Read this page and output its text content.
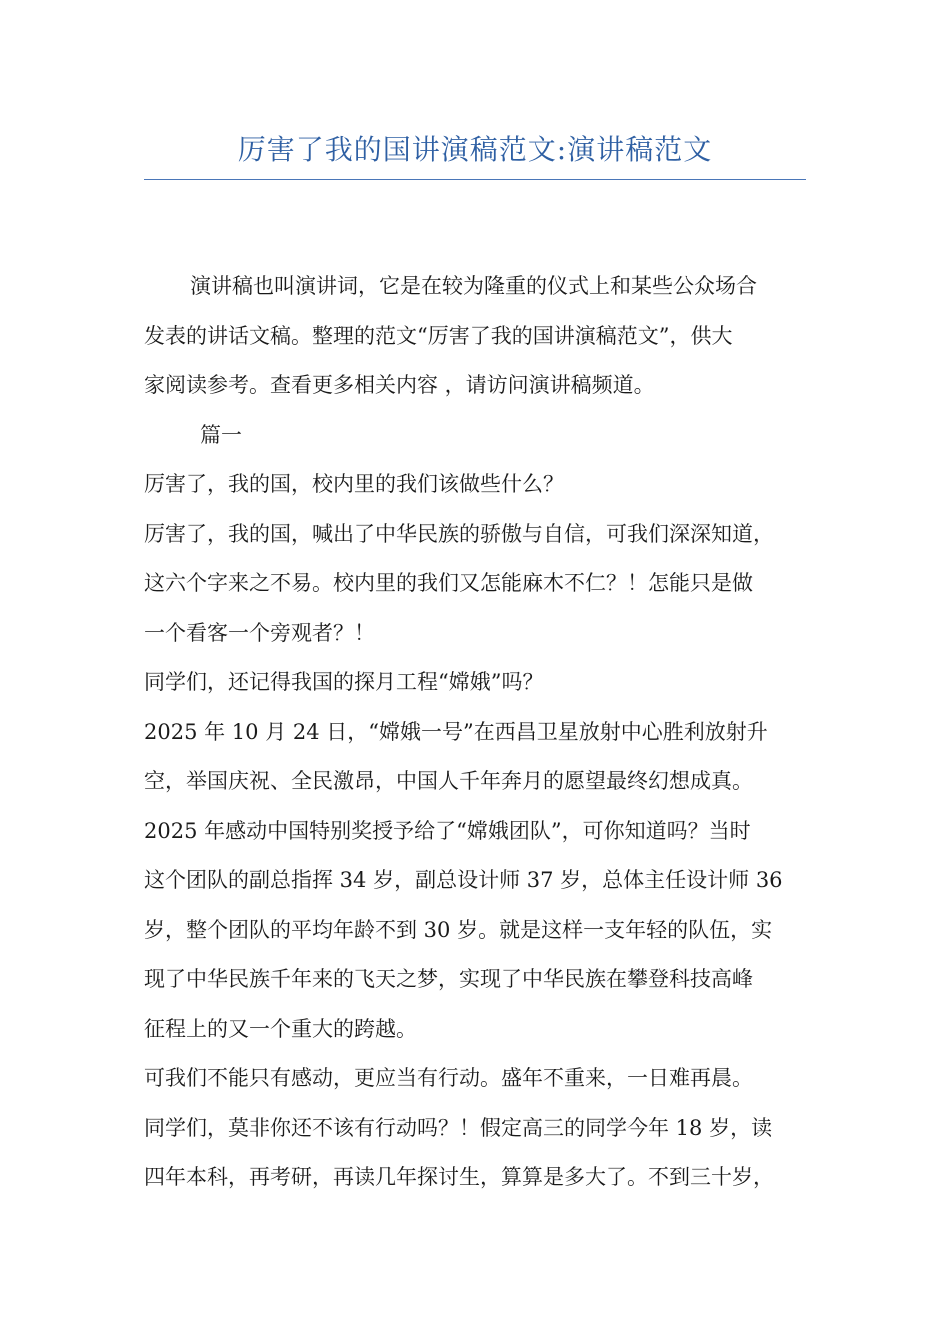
厉害了我的国讲演稿范文:演讲稿范文

演讲稿也叫演讲词，它是在较为隆重的仪式上和某些公众场合
发表的讲话文稿。整理的范文“厉害了我的国讲演稿范文”，供大
家阅读参考。查看更多相关内容 ，请访问演讲稿频道。

篇一

厉害了，我的国，校内里的我们该做些什么？

厉害了，我的国，喊出了中华民族的骄傲与自信，可我们深深知道，
这六个字来之不易。校内里的我们又怎能麻木不仁？！怎能只是做
一个看客一个旁观者？！

同学们，还记得我国的探月工程“嫦娥”吗？

2025 年 10 月 24 日，“嫦娥一号”在西昌卫星放射中心胜利放射升
空，举国庆祝、全民激昂，中国人千年奔月的愿望最终幻想成真。
2025 年感动中国特别奖授予给了“嫦娥团队”，可你知道吗？当时
这个团队的副总指挥 34 岁，副总设计师 37 岁，总体主任设计师 36
岁，整个团队的平均年龄不到 30 岁。就是这样一支年轻的队伍，实
现了中华民族千年来的飞天之梦，实现了中华民族在攀登科技高峰
征程上的又一个重大的跨越。

可我们不能只有感动，更应当有行动。盛年不重来，一日难再晨。
同学们，莫非你还不该有行动吗？！假定高三的同学今年 18 岁，读
四年本科，再考研，再读几年探讨生，算算是多大了。不到三十岁，
